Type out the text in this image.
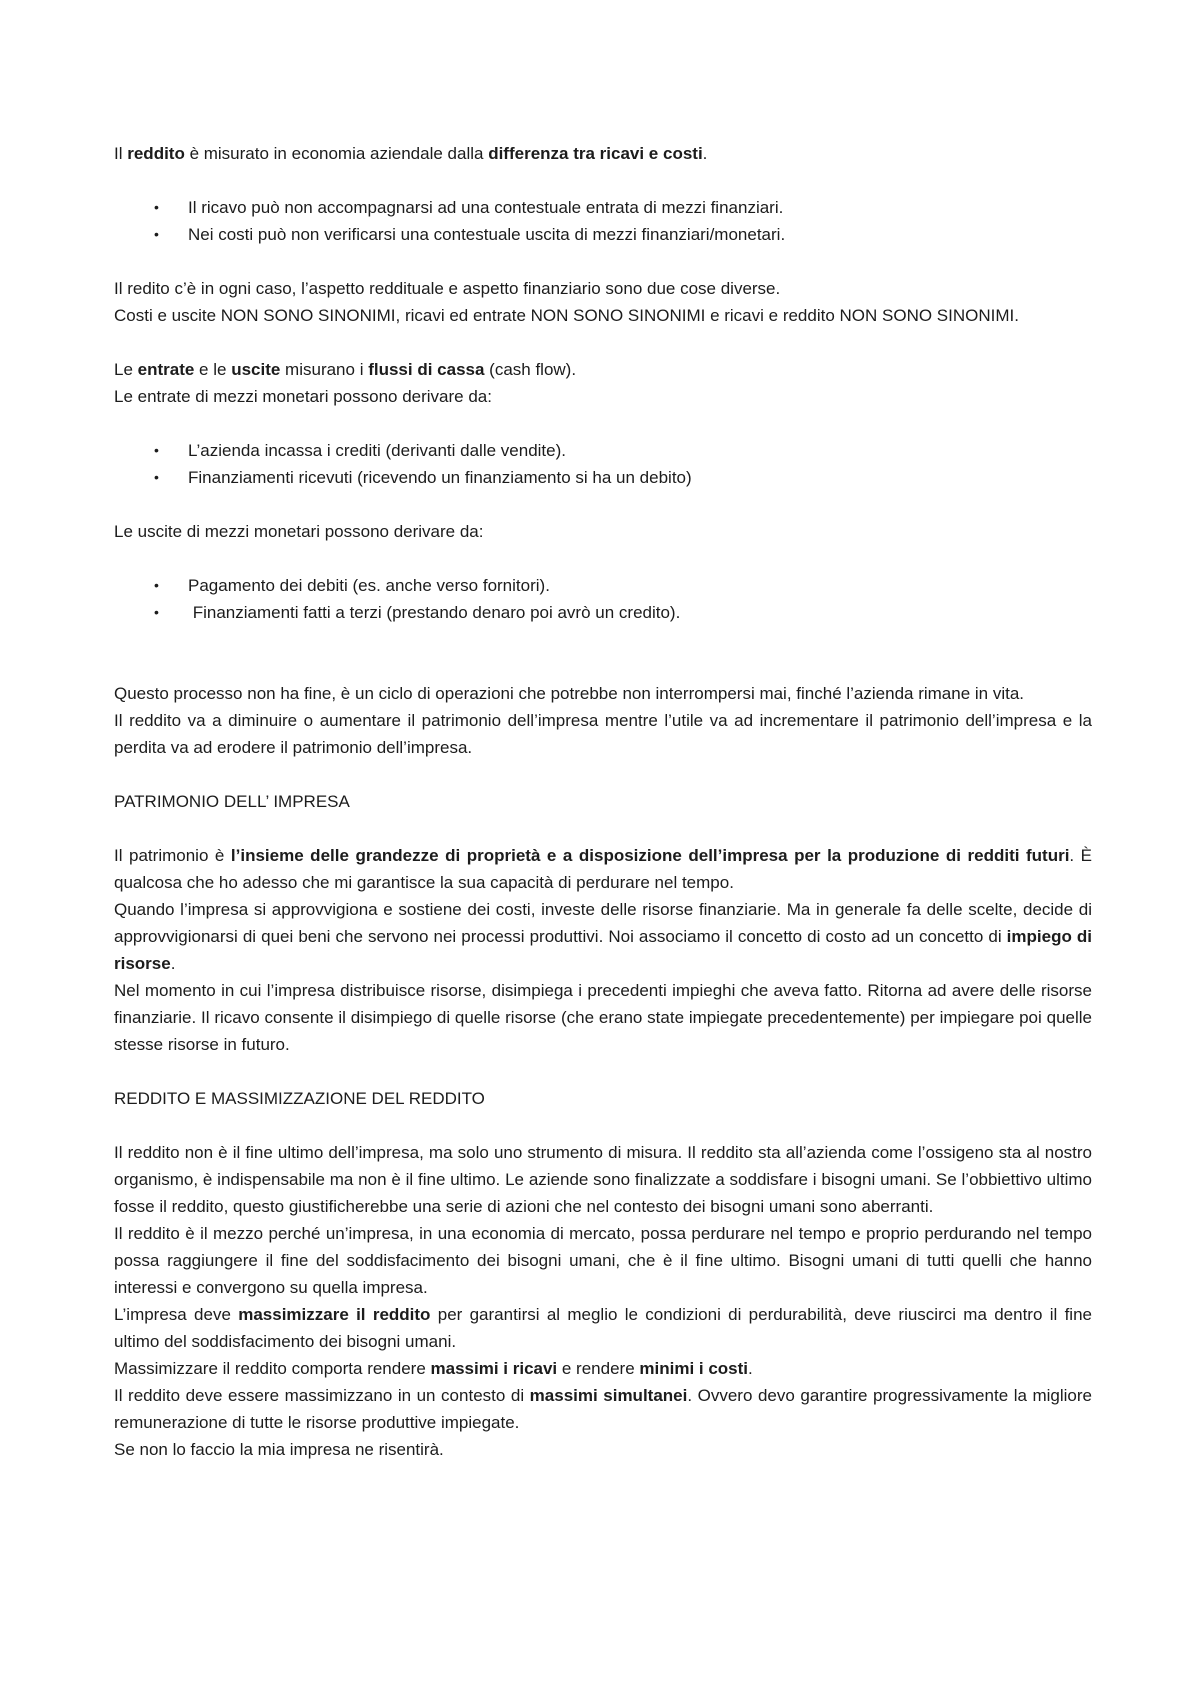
Il reddito è misurato in economia aziendale dalla differenza tra ricavi e costi.

• Il ricavo può non accompagnarsi ad una contestuale entrata di mezzi finanziari.
• Nei costi può non verificarsi una contestuale uscita di mezzi finanziari/monetari.

Il redito c’è in ogni caso, l’aspetto reddituale e aspetto finanziario sono due cose diverse.

Costi e uscite NON SONO SINONIMI, ricavi ed entrate NON SONO SINONIMI e ricavi e reddito NON SONO SINONIMI.

Le entrate e le uscite misurano i flussi di cassa (cash flow).

Le entrate di mezzi monetari possono derivare da:

• L’azienda incassa i crediti (derivanti dalle vendite).
• Finanziamenti ricevuti (ricevendo un finanziamento si ha un debito)

Le uscite di mezzi monetari possono derivare da:

• Pagamento dei debiti (es. anche verso fornitori).
• Finanziamenti fatti a terzi (prestando denaro poi avrò un credito).

Questo processo non ha fine, è un ciclo di operazioni che potrebbe non interrompersi mai, finché l’azienda rimane in vita.

Il reddito va a diminuire o aumentare il patrimonio dell’impresa mentre l’utile va ad incrementare il patrimonio dell’impresa e la perdita va ad erodere il patrimonio dell’impresa.

PATRIMONIO DELL’ IMPRESA

Il patrimonio è l’insieme delle grandezze di proprietà e a disposizione dell’impresa per la produzione di redditi futuri. È qualcosa che ho adesso che mi garantisce la sua capacità di perdurare nel tempo.

Quando l’impresa si approvvigiona e sostiene dei costi, investe delle risorse finanziarie. Ma in generale fa delle scelte, decide di approvvigionarsi di quei beni che servono nei processi produttivi. Noi associamo il concetto di costo ad un concetto di impiego di risorse.

Nel momento in cui l’impresa distribuisce risorse, disimpiega i precedenti impieghi che aveva fatto. Ritorna ad avere delle risorse finanziarie. Il ricavo consente il disimpiego di quelle risorse (che erano state impiegate precedentemente) per impiegare poi quelle stesse risorse in futuro.

REDDITO E MASSIMIZZAZIONE DEL REDDITO

Il reddito non è il fine ultimo dell’impresa, ma solo uno strumento di misura. Il reddito sta all’azienda come l’ossigeno sta al nostro organismo, è indispensabile ma non è il fine ultimo. Le aziende sono finalizzate a soddisfare i bisogni umani. Se l’obbiettivo ultimo fosse il reddito, questo giustificherebbe una serie di azioni che nel contesto dei bisogni umani sono aberranti.

Il reddito è il mezzo perché un’impresa, in una economia di mercato, possa perdurare nel tempo e proprio perdurando nel tempo possa raggiungere il fine del soddisfacimento dei bisogni umani, che è il fine ultimo. Bisogni umani di tutti quelli che hanno interessi e convergono su quella impresa.

L’impresa deve massimizzare il reddito per garantirsi al meglio le condizioni di perdurabilità, deve riuscirci ma dentro il fine ultimo del soddisfacimento dei bisogni umani.

Massimizzare il reddito comporta rendere massimi i ricavi e rendere minimi i costi.

Il reddito deve essere massimizzano in un contesto di massimi simultanei. Ovvero devo garantire progressivamente la migliore remunerazione di tutte le risorse produttive impiegate.

Se non lo faccio la mia impresa ne risentirà.
